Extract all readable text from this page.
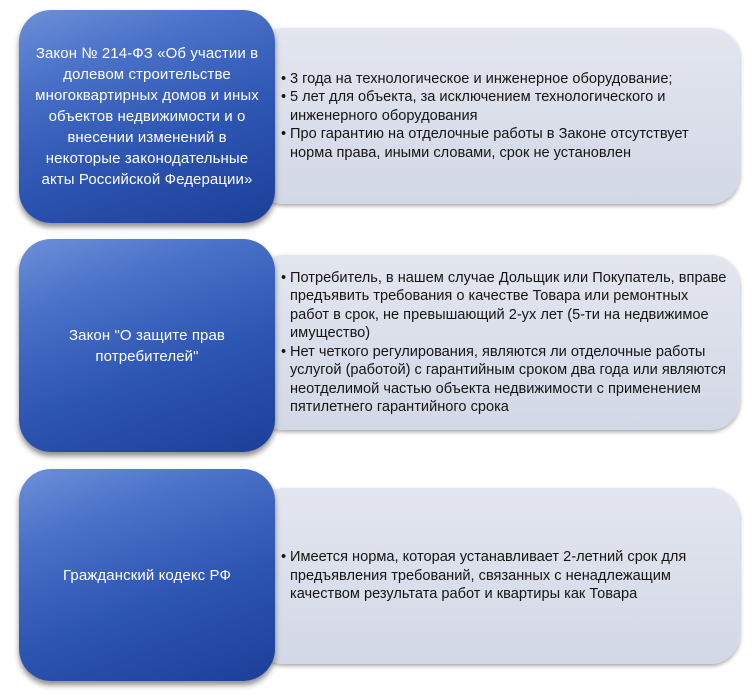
• 3 года на технологическое и инженерное оборудование;
• 5 лет для объекта, за исключением технологического и инженерного оборудования
• Про гарантию на отделочные работы в Законе отсутствует норма права, иными словами, срок не установлен
Закон № 214-ФЗ «Об участии в долевом строительстве многоквартирных домов и иных объектов недвижимости и о внесении изменений в некоторые законодательные акты Российской Федерации»
• Потребитель, в нашем случае Дольщик или Покупатель, вправе предъявить требования о качестве Товара или ремонтных работ в срок, не превышающий 2-ух лет (5-ти на недвижимое имущество)
• Нет четкого регулирования, являются ли отделочные работы услугой (работой) с гарантийным сроком два года или являются неотделимой частью объекта недвижимости с применением пятилетнего гарантийного срока
Закон "О защите прав потребителей"
• Имеется норма, которая устанавливает 2-летний срок для предъявления требований, связанных с ненадлежащим качеством результата работ и квартиры как Товара
Гражданский кодекс РФ
